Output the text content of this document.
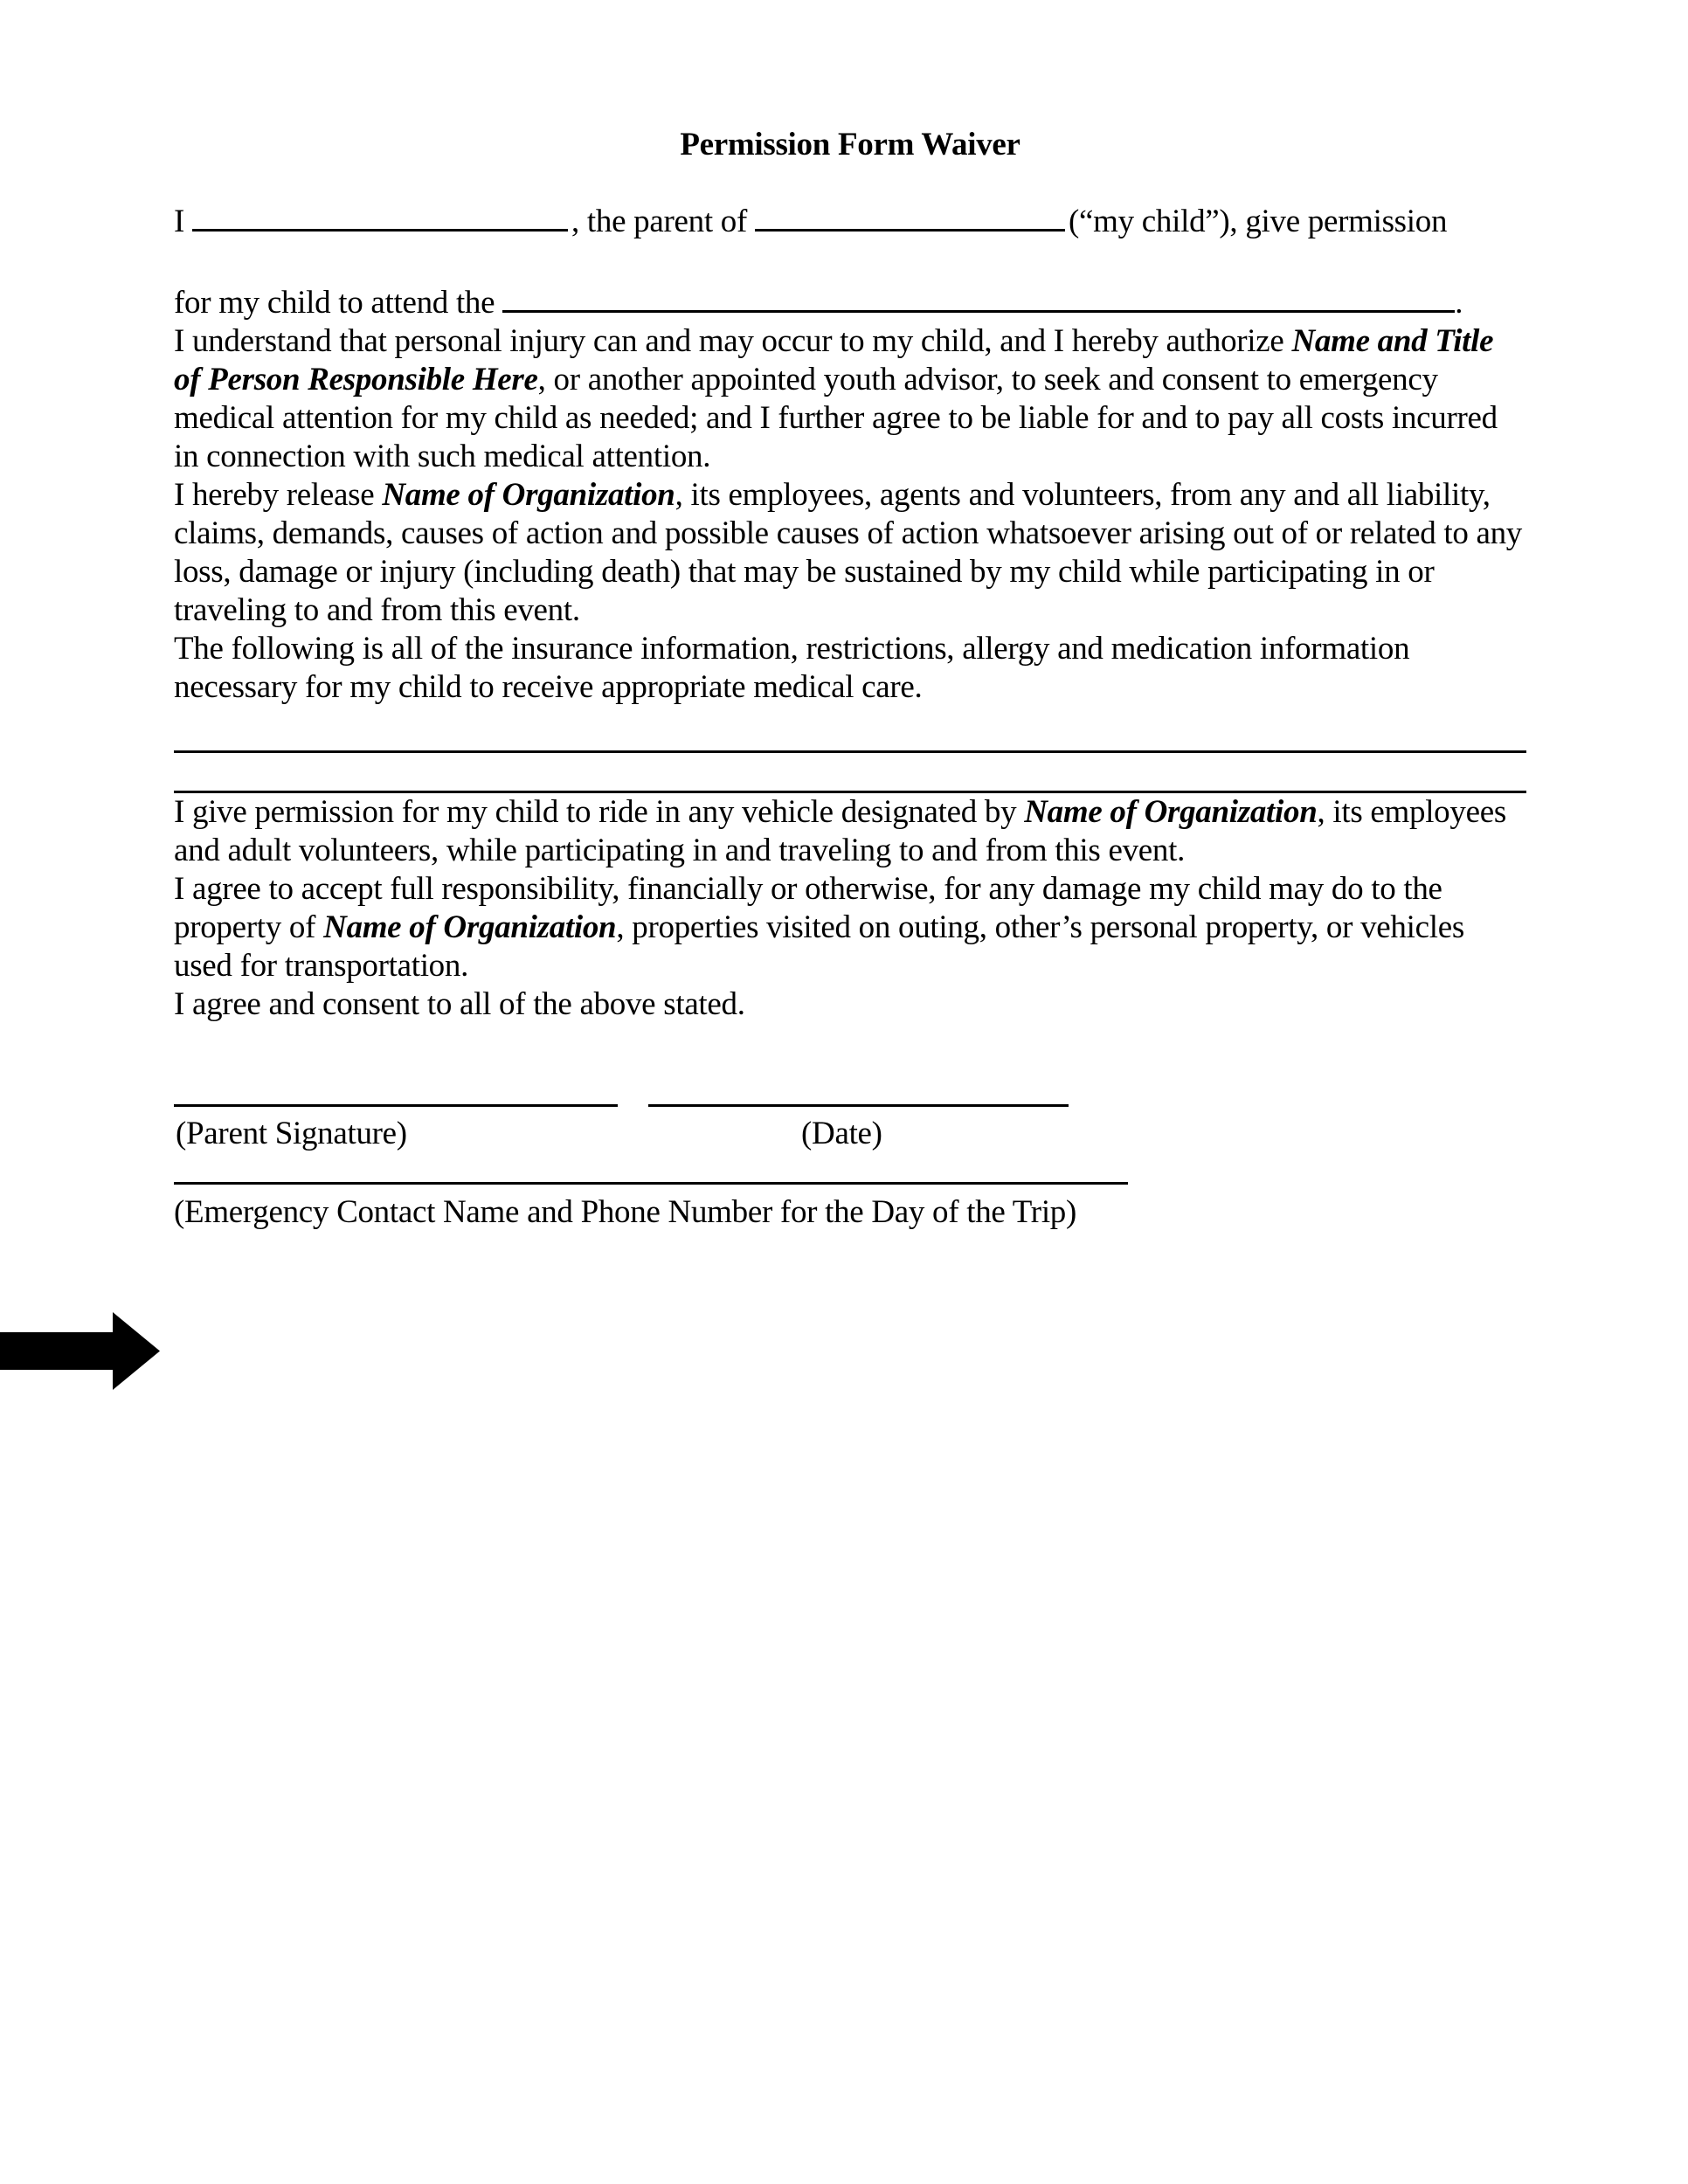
Permission Form Waiver
I	, the parent of	(“my child”), give permission
for my child to attend the	.

I understand that personal injury can and may occur to my child, and I hereby authorize Name and Title of Person Responsible Here, or another appointed youth advisor, to seek and consent to emergency medical attention for my child as needed; and I further agree to be liable for and to pay all costs incurred in connection with such medical attention.

I hereby release Name of Organization, its employees, agents and volunteers, from any and all liability, claims, demands, causes of action and possible causes of action whatsoever arising out of or related to any loss, damage or injury (including death) that may be sustained by my child while participating in or traveling to and from this event.

The following is all of the insurance information, restrictions, allergy and medication information necessary for my child to receive appropriate medical care.

I give permission for my child to ride in any vehicle designated by Name of Organization, its employees and adult volunteers, while participating in and traveling to and from this event.

I agree to accept full responsibility, financially or otherwise, for any damage my child may do to the property of Name of Organization, properties visited on outing, other’s personal property, or vehicles used for transportation.

I agree and consent to all of the above stated.

(Parent Signature)	(Date)
(Emergency Contact Name and Phone Number for the Day of the Trip)
